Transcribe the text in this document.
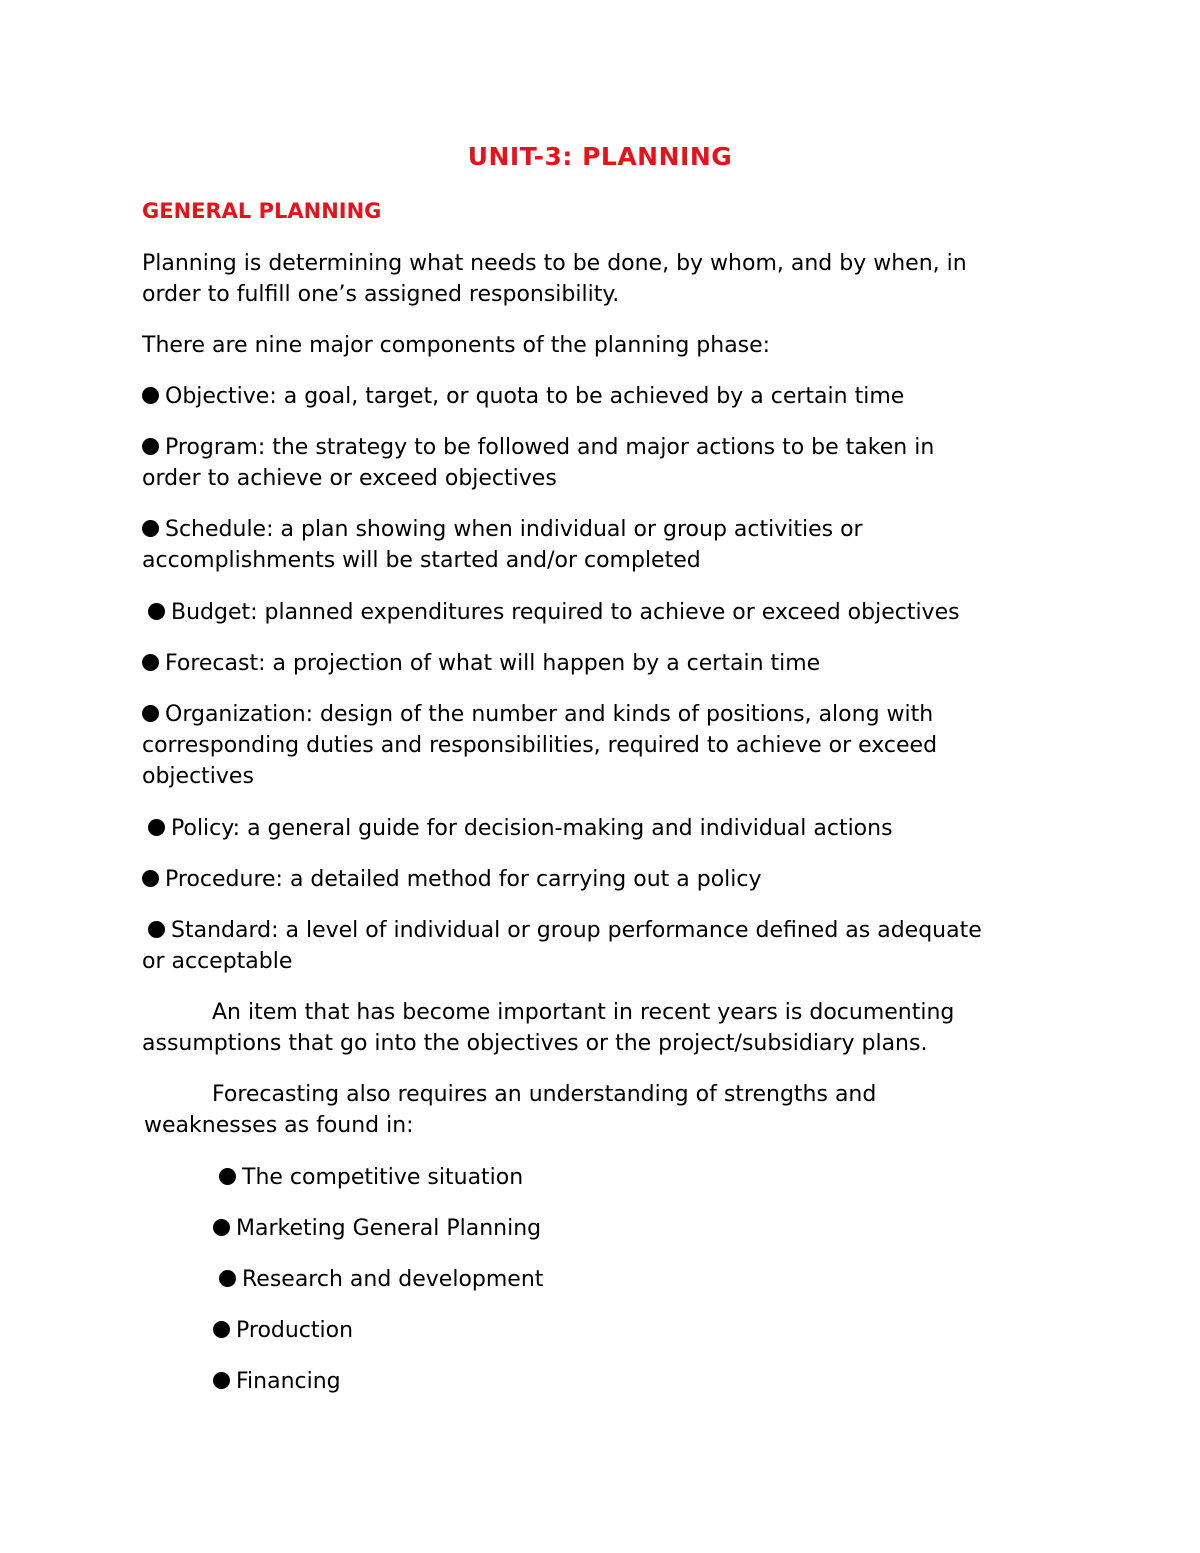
UNIT-3: PLANNING
GENERAL PLANNING

Planning is determining what needs to be done, by whom, and by when, in
order to fulfill one’s assigned responsibility.

There are nine major components of the planning phase:

Objective: a goal, target, or quota to be achieved by a certain time

Program: the strategy to be followed and major actions to be taken in
order to achieve or exceed objectives

Schedule: a plan showing when individual or group activities or
accomplishments will be started and/or completed

Budget: planned expenditures required to achieve or exceed objectives

Forecast: a projection of what will happen by a certain time

Organization: design of the number and kinds of positions, along with
corresponding duties and responsibilities, required to achieve or exceed
objectives

Policy: a general guide for decision-making and individual actions

Procedure: a detailed method for carrying out a policy

Standard: a level of individual or group performance defined as adequate
or acceptable

An item that has become important in recent years is documenting
assumptions that go into the objectives or the project/subsidiary plans.

Forecasting also requires an understanding of strengths and
weaknesses as found in:

The competitive situation

Marketing General Planning

Research and development

Production

Financing
